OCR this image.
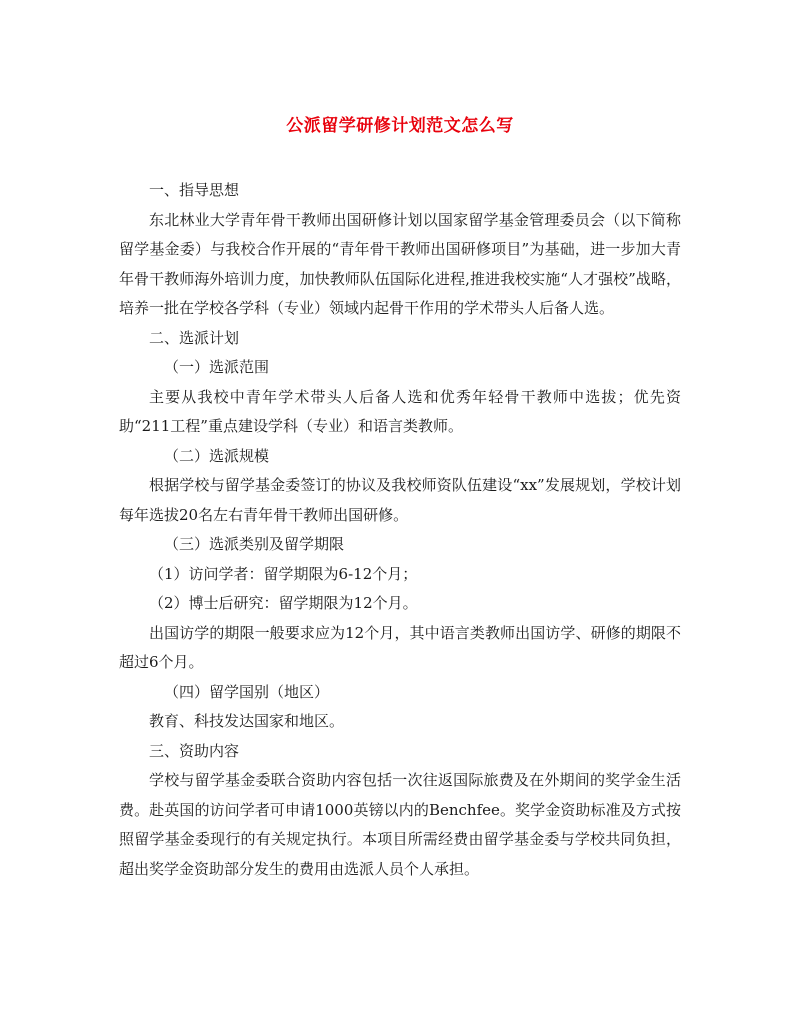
公派留学研修计划范文怎么写

一、指导思想

东北林业大学青年骨干教师出国研修计划以国家留学基金管理委员会（以下简称留学基金委）与我校合作开展的“青年骨干教师出国研修项目”为基础，进一步加大青年骨干教师海外培训力度，加快教师队伍国际化进程,推进我校实施“人才强校”战略，培养一批在学校各学科（专业）领域内起骨干作用的学术带头人后备人选。

二、选派计划

（一）选派范围

主要从我校中青年学术带头人后备人选和优秀年轻骨干教师中选拔；优先资助“211工程”重点建设学科（专业）和语言类教师。

（二）选派规模

根据学校与留学基金委签订的协议及我校师资队伍建设“xx”发展规划，学校计划每年选拔20名左右青年骨干教师出国研修。

（三）选派类别及留学期限

（1）访问学者：留学期限为6-12个月；

（2）博士后研究：留学期限为12个月。

出国访学的期限一般要求应为12个月，其中语言类教师出国访学、研修的期限不超过6个月。

（四）留学国别（地区）

教育、科技发达国家和地区。

三、资助内容

学校与留学基金委联合资助内容包括一次往返国际旅费及在外期间的奖学金生活费。赴英国的访问学者可申请1000英镑以内的Benchfee。奖学金资助标准及方式按照留学基金委现行的有关规定执行。本项目所需经费由留学基金委与学校共同负担，超出奖学金资助部分发生的费用由选派人员个人承担。
